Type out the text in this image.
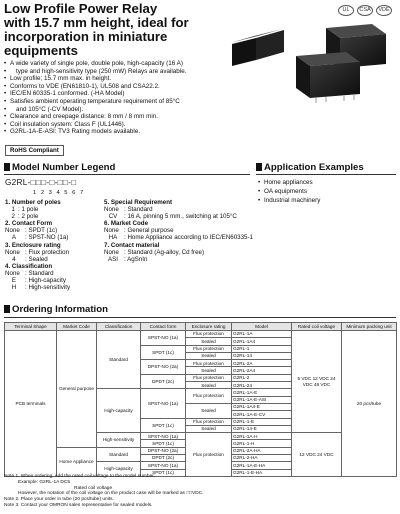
Low Profile Power Relay
with 15.7 mm height, ideal for
incorporation in miniature
equipments
UL	CSA	VDE
• A wide variety of single pole, double pole, high-capacity (16 A)
• type and high-sensitivity type (250 mW) Relays are available.
• Low profile; 15.7 mm max. in height.
• Conforms to VDE (EN61810-1), UL508 and CSA22.2.
• IEC/EN 60335-1 conformed. (-HA Model)
• Satisfies ambient operating temperature requirement of 85°C
• and 105°C (-CV Model).
• Clearance and creepage distance: 8 mm / 8 mm min.
• Coil insulation system: Class F (UL1446).
• G2RL-1A-E-ASI: TV3 Rating models available.
RoHS Compliant
Model Number Legend	Application Examples
G2RL-□□□-□-□□-□
1234567
1. Number of poles
1 : 1 pole
2 : 2 pole
2. Contact Form
None : SPDT (1c)
A	: SPST-NO (1a)
3. Enclosure rating
None : Flux protection
4	: Sealed
4. Classification
None : Standard
E	: High-capacity
H	: High-sensitivity
5. Special Requirement
None : Standard
CV	: 16 A, pinning 5 mm., switching at 105°C
6. Market Code
None : General purpose
HA	: Home Appliance according to IEC/EN60335-1
7. Contact material
None : Standard (Ag-alloy, Cd free)
ASI : AgSnIn
• Home appliances
• OA equipments
• Industrial machinery
Ordering Information
Terminal Shape	Market Code	Classification	Contact form	Enclosure rating	Model	Rated coil voltage	Minimum packing unit
PCB terminals	General purpose	Standard	SPST-NO (1a)	Flux protection	G2RL-1A	5 VDC 12 VDC 24 VDC 48 VDC	20 pcs/tube
				Sealed	G2RL-1A4		
			SPDT (1c)	Flux protection	G2RL-1		
				Sealed	G2RL-14		
			DPST-NO (2a)	Flux protection	G2RL-2A		
				Sealed	G2RL-2A4		
			DPDT (2c)	Flux protection	G2RL-2		
				Sealed	G2RL-24		
		High-capacity	SPST-NO (1a)	Flux protection	G2RL-1A-E		
					G2RL-1A-E-ASI		
				Sealed	G2RL-1A4-E		
					G2RL-1A-E-CV		
			SPDT (1c)	Flux protection	G2RL-1-E		
				Sealed	G2RL-14-E		
		High-sensitivity	SPST-NO (1a)	Flux protection	G2RL-1A-H	12 VDC 24 VDC	
			SPDT (1c)		G2RL-1-H		
	Home Appliance	Standard	DPST-NO (2a)		G2RL-2A-HA		
			DPDT (2c)		G2RL-2-HA		
		High-capacity	SPST-NO (1a)		G2RL-1A-E-HA		
			SPDT (1c)		G2RL-1-E-HA		
Note 1. When ordering, add the rated coil voltage to the model number.
Example: G2RL-1A DC5
Rated coil voltage
However, the notation of the coil voltage on the product case will be marked as □□VDC.
Note 2. Place your order in tube (20 pcs/tube) units.
Note 3. Contact your OMRON sales representative for sealed models.
